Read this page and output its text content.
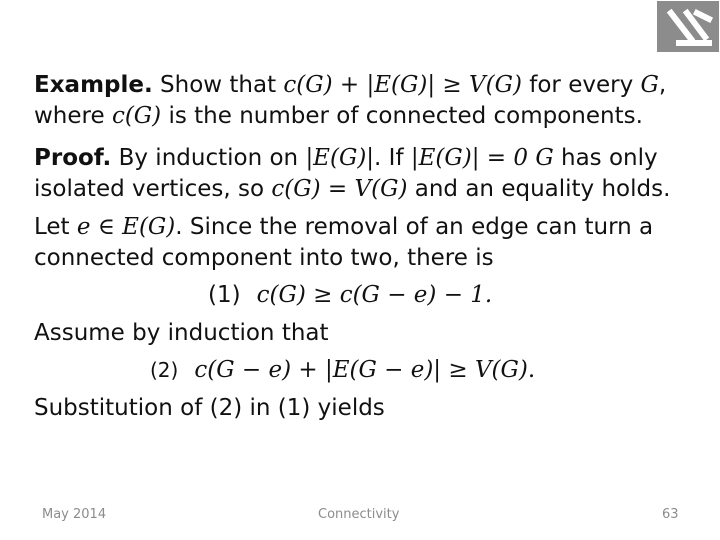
Example. Show that c(G) + |E(G)| ≥ V(G) for every G,
where c(G) is the number of connected components.

Proof. By induction on |E(G)|. If |E(G)| = 0 G has only
isolated vertices, so c(G) = V(G) and an equality holds.

Let e ∈ E(G). Since the removal of an edge can turn a connected component into two, there is

(1) c(G) ≥ c(G − e) − 1.

Assume by induction that

(2) c(G − e) + |E(G − e)| ≥ V(G).

Substitution of (2) in (1) yields

May 2014	Connectivity	63
